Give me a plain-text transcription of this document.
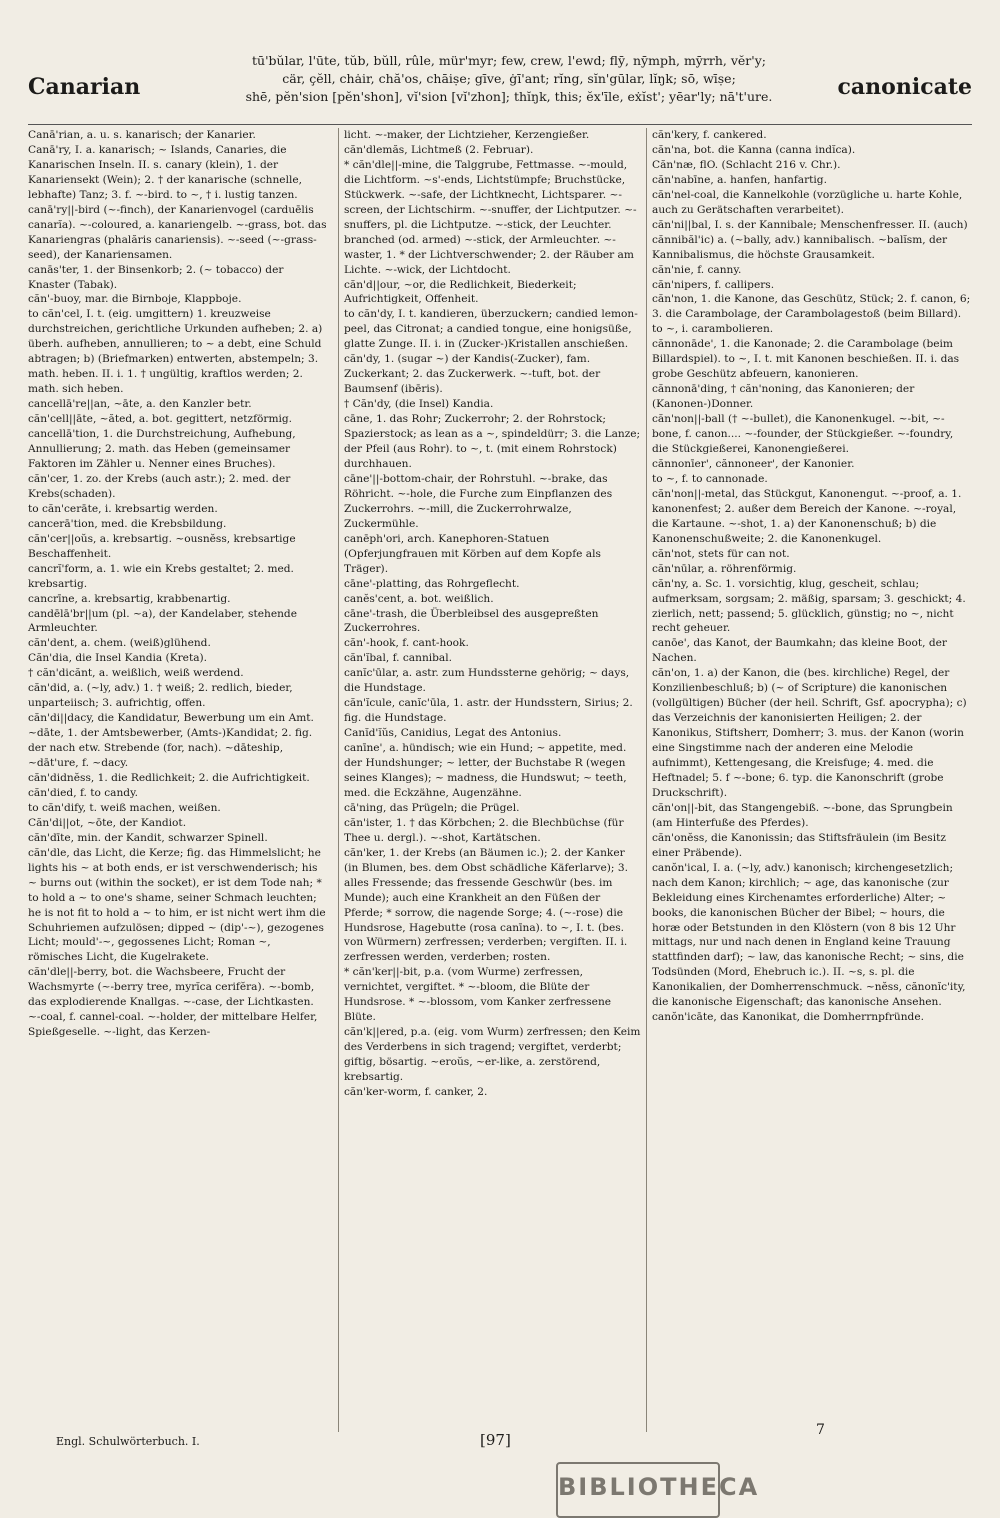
Canarian
tū'bŭlar, l'ūte, tŭb, bŭll, rûle, mür'myr; few, crew, l'ewd; flȳ, nȳmph, mȳrrh, vĕr'y;
cär, çĕll, chȧir, chă'os, chāiṣe; gīve, ġī'ant; rĭng, sĭn'gūlar, lĭŋk; sō, wīṣe;
shē, pĕn'sion [pĕn'shon], vĭ'sion [vĭ'zhon]; thĭŋk, this; ĕx'īle, eẋĭst'; yēar'ly; nā't'ure.	canonicate

Canā'rian, a. u. s. kanarisch; der Kanarier.

Canā'ry, I. a. kanarisch; ~ Islands, Canaries, die Kanarischen Inseln. II. s. canary (klein), 1. der Kanariensekt (Wein); 2. † der kanarische (schnelle, lebhafte) Tanz; 3. f. ~-bird. to ~, † i. lustig tanzen.

canā'ry||-bird (~-finch), der Kanarienvogel (carduēlis canarĭa). ~-coloured, a. kanariengelb. ~-grass, bot. das Kanariengras (phalăris canariensis). ~-seed (~-grass-seed), der Kanariensamen.

canās'ter, 1. der Binsenkorb; 2. (~ tobacco) der Knaster (Tabak).

căn'-buoy, mar. die Birnboje, Klappboje.

to căn'cel, I. t. (eig. umgittern) 1. kreuzweise durchstreichen, gerichtliche Urkunden aufheben; 2. a) überh. aufheben, annullieren; to ~ a debt, eine Schuld abtragen; b) (Briefmarken) entwerten, abstempeln; 3. math. heben. II. i. 1. † ungültig, kraftlos werden; 2. math. sich heben.

cancellā're||an, ~āte, a. den Kanzler betr.

căn'cell||āte, ~ăted, a. bot. gegittert, netzförmig.

cancellā'tion, 1. die Durchstreichung, Aufhebung, Annullierung; 2. math. das Heben (gemeinsamer Faktoren im Zähler u. Nenner eines Bruches).

căn'cer, 1. zo. der Krebs (auch astr.); 2. med. der Krebs(schaden).

to căn'cerāte, i. krebsartig werden.

cancerā'tion, med. die Krebsbildung.

căn'cer||oŭs, a. krebsartig. ~ousnĕss, krebsartige Beschaffenheit.

cancrĭ'form, a. 1. wie ein Krebs gestaltet; 2. med. krebsartig.

cancrīne, a. krebsartig, krabbenartig.

candēlā'br||um (pl. ~a), der Kandelaber, stehende Armleuchter.

căn'dent, a. chem. (weiß)glühend.

Căn'dia, die Insel Kandia (Kreta).

† căn'dicănt, a. weißlich, weiß werdend.

căn'did, a. (~ly, adv.) 1. † weiß; 2. redlich, bieder, unparteiisch; 3. aufrichtig, offen.

căn'di||dacy, die Kandidatur, Bewerbung um ein Amt. ~dāte, 1. der Amtsbewerber, (Amts-)Kandidat; 2. fig. der nach etw. Strebende (for, nach). ~dāteship, ~dāt'ure, f. ~dacy.

căn'didnĕss, 1. die Redlichkeit; 2. die Aufrichtigkeit.

căn'died, f. to candy.

to căn'dify, t. weiß machen, weißen.

Căn'di||ot, ~ōte, der Kandiot.

căn'dīte, min. der Kandit, schwarzer Spinell.

căn'dle, das Licht, die Kerze; fig. das Himmelslicht; he lights his ~ at both ends, er ist verschwenderisch; his ~ burns out (within the socket), er ist dem Tode nah; * to hold a ~ to one's shame, seiner Schmach leuchten; he is not fit to hold a ~ to him, er ist nicht wert ihm die Schuhriemen aufzulösen; dipped ~ (dip'-~), gezogenes Licht; mould'-~, gegossenes Licht; Roman ~, römisches Licht, die Kugelrakete.

căn'dle||-berry, bot. die Wachsbeere, Frucht der Wachsmyrte (~-berry tree, myrĭca cerifĕra). ~-bomb, das explodierende Knallgas. ~-case, der Lichtkasten. ~-coal, f. cannel-coal. ~-holder, der mittelbare Helfer, Spießgeselle. ~-light, das Kerzen-

licht. ~-maker, der Lichtzieher, Kerzengießer.

căn'dlemăs, Lichtmeß (2. Februar).

* căn'dle||-mine, die Talggrube, Fettmasse. ~-mould, die Lichtform. ~s'-ends, Lichtstümpfe; Bruchstücke, Stückwerk. ~-safe, der Lichtknecht, Lichtsparer. ~-screen, der Lichtschirm. ~-snuffer, der Lichtputzer. ~-snuffers, pl. die Lichtputze. ~-stick, der Leuchter. branched (od. armed) ~-stick, der Armleuchter. ~-waster, 1. * der Lichtverschwender; 2. der Räuber am Lichte. ~-wick, der Lichtdocht.

căn'd||our, ~or, die Redlichkeit, Biederkeit; Aufrichtigkeit, Offenheit.

to căn'dy, I. t. kandieren, überzuckern; candied lemon-peel, das Citronat; a candied tongue, eine honigsüße, glatte Zunge. II. i. in (Zucker-)Kristallen anschießen.

căn'dy, 1. (sugar ~) der Kandis(-Zucker), fam. Zuckerkant; 2. das Zuckerwerk. ~-tuft, bot. der Baumsenf (ibēris).

† Căn'dy, (die Insel) Kandia.

cāne, 1. das Rohr; Zuckerrohr; 2. der Rohrstock; Spazierstock; as lean as a ~, spindeldürr; 3. die Lanze; der Pfeil (aus Rohr). to ~, t. (mit einem Rohrstock) durchhauen.

cāne'||-bottom-chair, der Rohrstuhl. ~-brake, das Röhricht. ~-hole, die Furche zum Einpflanzen des Zuckerrohrs. ~-mill, die Zuckerrohrwalze, Zuckermühle.

canēph'ori, arch. Kanephoren-Statuen (Opferjungfrauen mit Körben auf dem Kopfe als Träger).

cāne'-platting, das Rohrgeflecht.

canĕs'cent, a. bot. weißlich.

cāne'-trash, die Überbleibsel des ausgepreßten Zuckerrohres.

căn'-hook, f. cant-hook.

căn'ĭbal, f. cannibal.

canĭc'ūlar, a. astr. zum Hundssterne gehörig; ~ days, die Hundstage.

căn'ĭcule, canĭc'ūla, 1. astr. der Hundsstern, Sirius; 2. fig. die Hundstage.

Canĭd'ĭŭs, Canidius, Legat des Antonius.

canīne', a. hündisch; wie ein Hund; ~ appetite, med. der Hundshunger; ~ letter, der Buchstabe R (wegen seines Klanges); ~ madness, die Hundswut; ~ teeth, med. die Eckzähne, Augenzähne.

cā'ning, das Prügeln; die Prügel.

căn'ister, 1. † das Körbchen; 2. die Blechbüchse (für Thee u. dergl.). ~-shot, Kartätschen.

căn'ker, 1. der Krebs (an Bäumen ic.); 2. der Kanker (in Blumen, bes. dem Obst schädliche Käferlarve); 3. alles Fressende; das fressende Geschwür (bes. im Munde); auch eine Krankheit an den Füßen der Pferde; * sorrow, die nagende Sorge; 4. (~-rose) die Hundsrose, Hagebutte (rosa canīna). to ~, I. t. (bes. von Würmern) zerfressen; verderben; vergiften. II. i. zerfressen werden, verderben; rosten.

* căn'ker||-bit, p.a. (vom Wurme) zerfressen, vernichtet, vergiftet. * ~-bloom, die Blüte der Hundsrose. * ~-blossom, vom Kanker zerfressene Blüte.

căn'k||ered, p.a. (eig. vom Wurm) zerfressen; den Keim des Verderbens in sich tragend; vergiftet, verderbt; giftig, bösartig. ~eroŭs, ~er-like, a. zerstörend, krebsartig.

căn'ker-worm, f. canker, 2.

căn'kery, f. cankered.

căn'na, bot. die Kanna (canna indĭca).

Căn'næ, flO. (Schlacht 216 v. Chr.).

căn'nabīne, a. hanfen, hanfartig.

căn'nel-coal, die Kannelkohle (vorzügliche u. harte Kohle, auch zu Gerätschaften verarbeitet).

căn'ni||bal, I. s. der Kannibale; Menschenfresser. II. (auch) cănnibăl'ic) a. (~bally, adv.) kannibalisch. ~balĭsm, der Kannibalismus, die höchste Grausamkeit.

căn'nie, f. canny.

căn'nipers, f. callipers.

căn'non, 1. die Kanone, das Geschütz, Stück; 2. f. canon, 6; 3. die Carambolage, der Carambolagestoß (beim Billard). to ~, i. carambolieren.

cănnonāde', 1. die Kanonade; 2. die Carambolage (beim Billardspiel). to ~, I. t. mit Kanonen beschießen. II. i. das grobe Geschütz abfeuern, kanonieren.

cănnonā'ding, † căn'noning, das Kanonieren; der (Kanonen-)Donner.

căn'non||-ball († ~-bullet), die Kanonenkugel. ~-bit, ~-bone, f. canon.... ~-founder, der Stückgießer. ~-foundry, die Stückgießerei, Kanonengießerei.

cănnonīer', cănnoneer', der Kanonier.

to ~, f. to cannonade.

căn'non||-metal, das Stückgut, Kanonengut. ~-proof, a. 1. kanonenfest; 2. außer dem Bereich der Kanone. ~-royal, die Kartaune. ~-shot, 1. a) der Kanonenschuß; b) die Kanonenschußweite; 2. die Kanonenkugel.

căn'not, stets für can not.

căn'nūlar, a. röhrenförmig.

căn'ny, a. Sc. 1. vorsichtig, klug, gescheit, schlau; aufmerksam, sorgsam; 2. mäßig, sparsam; 3. geschickt; 4. zierlich, nett; passend; 5. glücklich, günstig; no ~, nicht recht geheuer.

canōe', das Kanot, der Baumkahn; das kleine Boot, der Nachen.

căn'on, 1. a) der Kanon, die (bes. kirchliche) Regel, der Konzilienbeschluß; b) (~ of Scripture) die kanonischen (vollgültigen) Bücher (der heil. Schrift, Gsf. apocrypha); c) das Verzeichnis der kanonisierten Heiligen; 2. der Kanonikus, Stiftsherr, Domherr; 3. mus. der Kanon (worin eine Singstimme nach der anderen eine Melodie aufnimmt), Kettengesang, die Kreisfuge; 4. med. die Heftnadel; 5. f ~-bone; 6. typ. die Kanonschrift (grobe Druckschrift).

căn'on||-bit, das Stangengebiß. ~-bone, das Sprungbein (am Hinterfuße des Pferdes).

căn'onĕss, die Kanonissin; das Stiftsfräulein (im Besitz einer Präbende).

canŏn'ical, I. a. (~ly, adv.) kanonisch; kirchengesetzlich; nach dem Kanon; kirchlich; ~ age, das kanonische (zur Bekleidung eines Kirchenamtes erforderliche) Alter; ~ books, die kanonischen Bücher der Bibel; ~ hours, die horæ oder Betstunden in den Klöstern (von 8 bis 12 Uhr mittags, nur und nach denen in England keine Trauung stattfinden darf); ~ law, das kanonische Recht; ~ sins, die Todsünden (Mord, Ehebruch ic.). II. ~s, s. pl. die Kanonikalien, der Domherrenschmuck. ~nĕss, cănonĭc'ity, die kanonische Eigenschaft; das kanonische Ansehen.

canŏn'icāte, das Kanonikat, die Domherrnpfründe.

Engl. Schulwörterbuch. I.	[97]
7
BIBLIOTHECA
